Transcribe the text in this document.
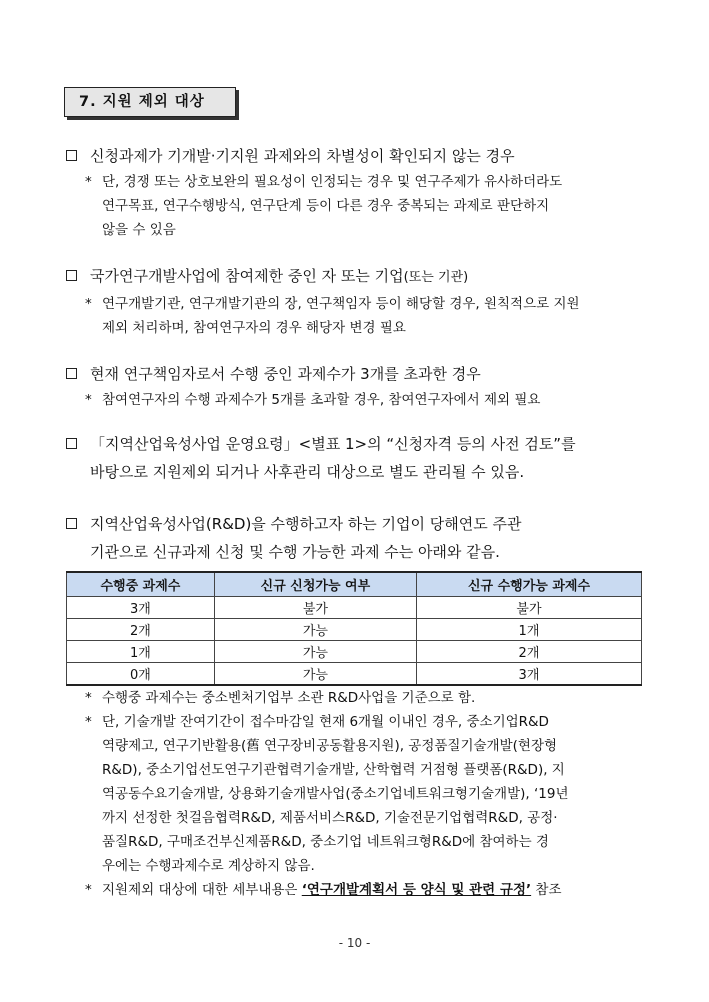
7. 지원 제외 대상
신청과제가 기개발·기지원 과제와의 차별성이 확인되지 않는 경우
* 단, 경쟁 또는 상호보완의 필요성이 인정되는 경우 및 연구주제가 유사하더라도
연구목표, 연구수행방식, 연구단계 등이 다른 경우 중복되는 과제로 판단하지
않을 수 있음
국가연구개발사업에 참여제한 중인 자 또는 기업(또는 기관)
* 연구개발기관, 연구개발기관의 장, 연구책임자 등이 해당할 경우, 원칙적으로 지원
제외 처리하며, 참여연구자의 경우 해당자 변경 필요
현재 연구책임자로서 수행 중인 과제수가 3개를 초과한 경우
* 참여연구자의 수행 과제수가 5개를 초과할 경우, 참여연구자에서 제외 필요
「지역산업육성사업 운영요령」<별표 1>의 “신청자격 등의 사전 검토”를
바탕으로 지원제외 되거나 사후관리 대상으로 별도 관리될 수 있음.
지역산업육성사업(R&D)을 수행하고자 하는 기업이 당해연도 주관
기관으로 신규과제 신청 및 수행 가능한 과제 수는 아래와 같음.
수행중 과제수	신규 신청가능 여부	신규 수행가능 과제수
3개	불가	불가
2개	가능	1개
1개	가능	2개
0개	가능	3개
* 수행중 과제수는 중소벤처기업부 소관 R&D사업을 기준으로 함.
* 단, 기술개발 잔여기간이 접수마감일 현재 6개월 이내인 경우, 중소기업R&D
역량제고, 연구기반활용(舊 연구장비공동활용지원), 공정품질기술개발(현장형
R&D), 중소기업선도연구기관협력기술개발, 산학협력 거점형 플랫폼(R&D), 지
역공동수요기술개발, 상용화기술개발사업(중소기업네트워크형기술개발), ‘19년
까지 선정한 첫걸음협력R&D, 제품서비스R&D, 기술전문기업협력R&D, 공정·
품질R&D, 구매조건부신제품R&D, 중소기업 네트워크형R&D에 참여하는 경
우에는 수행과제수로 계상하지 않음.
* 지원제외 대상에 대한 세부내용은 ‘연구개발계획서 등 양식 및 관련 규정’ 참조
- 10 -
